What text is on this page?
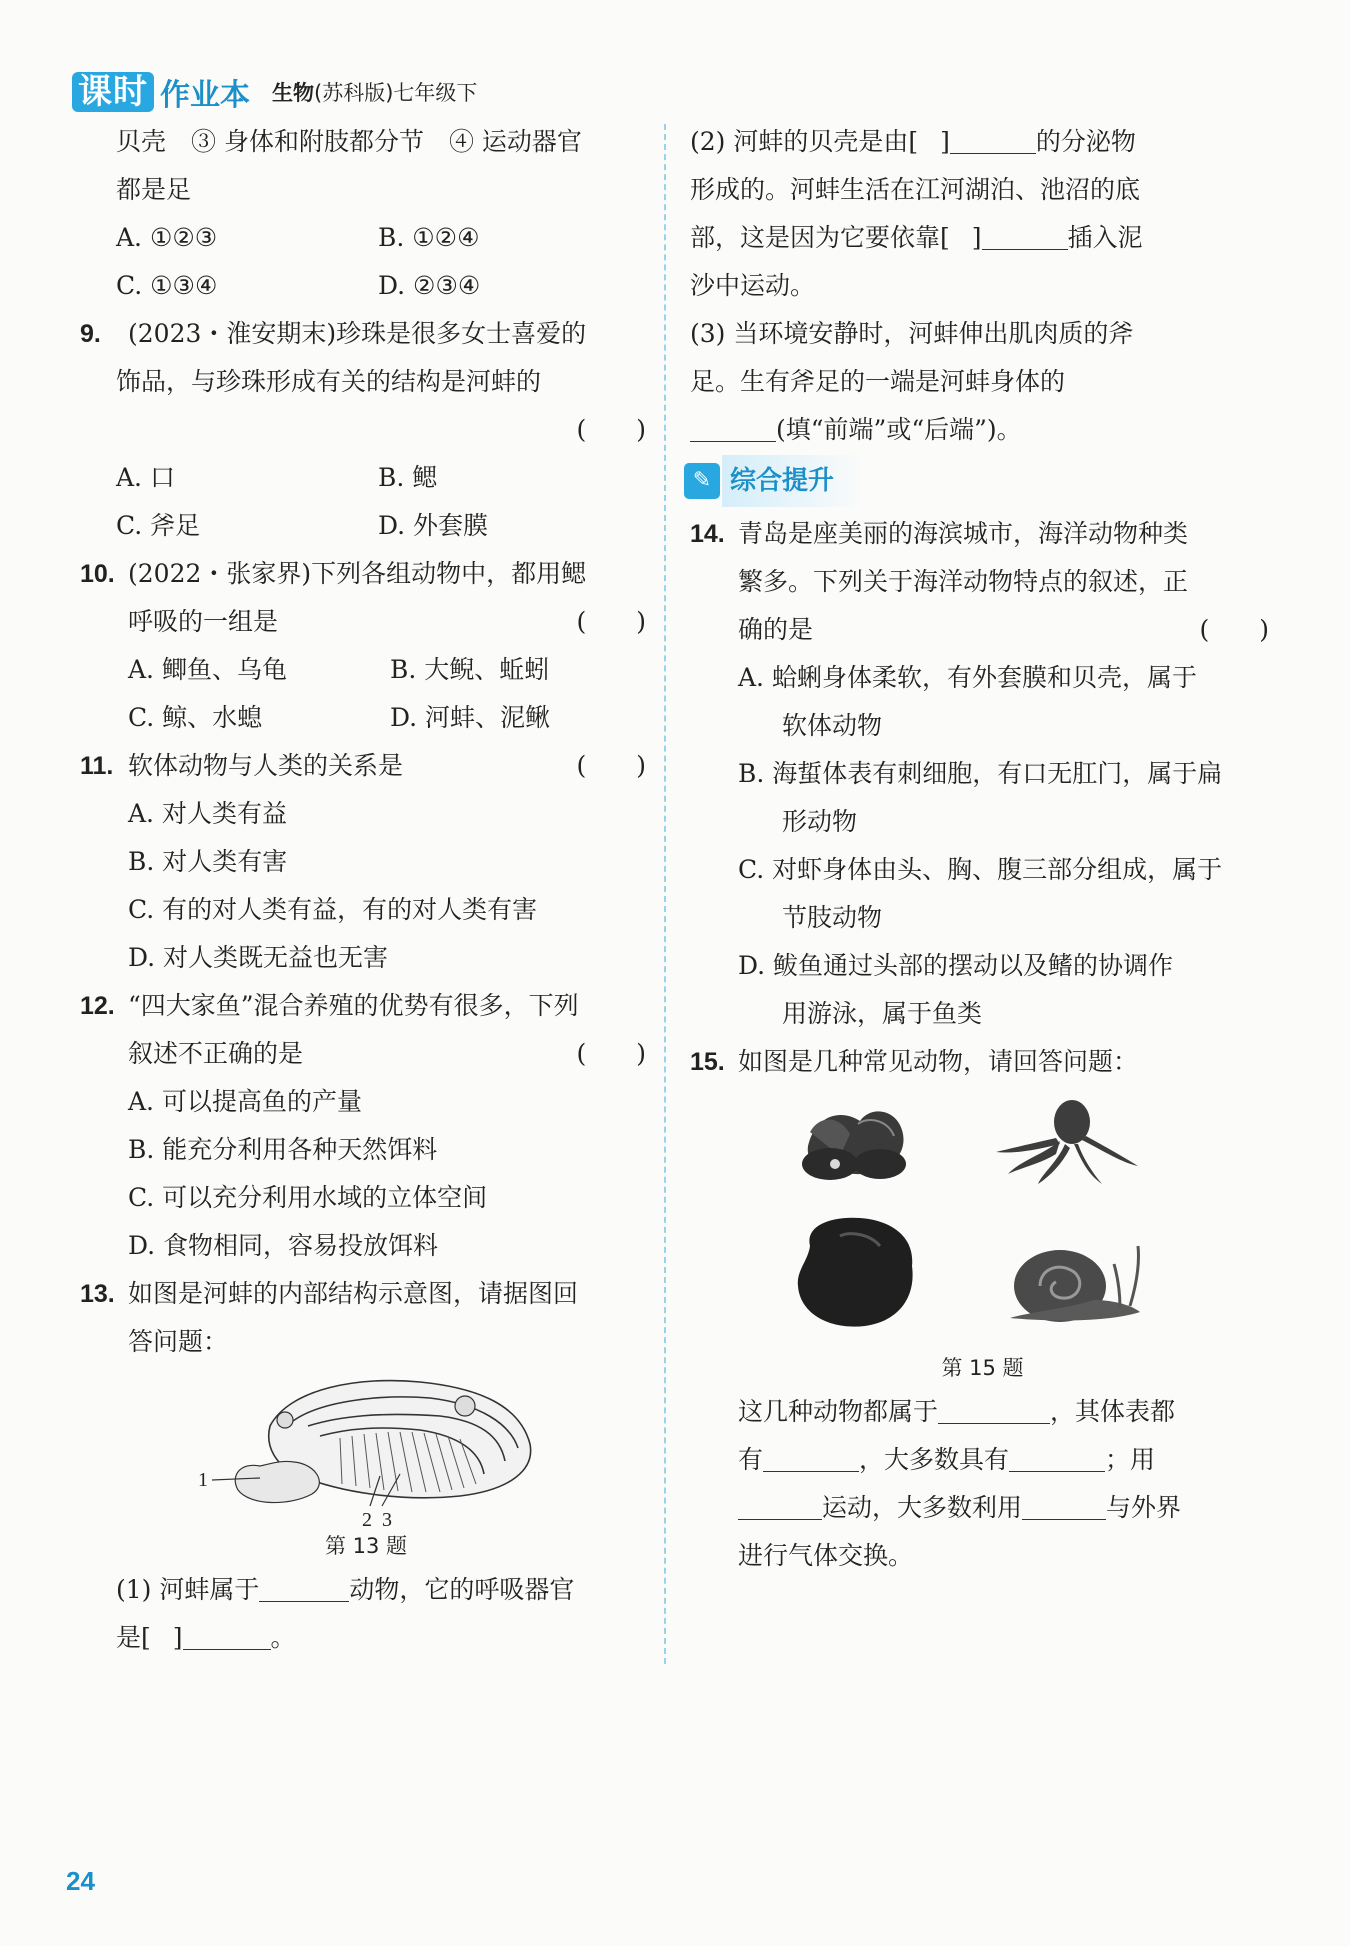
课时 作业本 生物(苏科版)七年级下
贝壳　③ 身体和附肢都分节　④ 运动器官
都是足
A. ①②③	B. ①②④
C. ①③④	D. ②③④
9. (2023・淮安期末)珍珠是很多女士喜爱的
饰品，与珍珠形成有关的结构是河蚌的
(　　)
A. 口	B. 鳃
C. 斧足	D. 外套膜
10. (2022・张家界)下列各组动物中，都用鳃
呼吸的一组是	(　　)
A. 鲫鱼、乌龟	B. 大鲵、蚯蚓
C. 鲸、水螅	D. 河蚌、泥鳅
11. 软体动物与人类的关系是	(　　)
A. 对人类有益
B. 对人类有害
C. 有的对人类有益，有的对人类有害
D. 对人类既无益也无害
12. “四大家鱼”混合养殖的优势有很多，下列
叙述不正确的是	(　　)
A. 可以提高鱼的产量
B. 能充分利用各种天然饵料
C. 可以充分利用水域的立体空间
D. 食物相同，容易投放饵料
13. 如图是河蚌的内部结构示意图，请据图回
答问题：
1
2 3
第 13 题
(1) 河蚌属于	动物，它的呼吸器官
是[ ]	。
(2) 河蚌的贝壳是由[ ]	的分泌物
形成的。河蚌生活在江河湖泊、池沼的底
部，这是因为它要依靠[ ]	插入泥
沙中运动。
(3) 当环境安静时，河蚌伸出肌肉质的斧
足。生有斧足的一端是河蚌身体的
(填“前端”或“后端”)。
✎ 综合提升
14. 青岛是座美丽的海滨城市，海洋动物种类
繁多。下列关于海洋动物特点的叙述，正
确的是	(　　)
A. 蛤蜊身体柔软，有外套膜和贝壳，属于
软体动物
B. 海蜇体表有刺细胞，有口无肛门，属于扁
形动物
C. 对虾身体由头、胸、腹三部分组成，属于
节肢动物
D. 鲅鱼通过头部的摆动以及鳍的协调作
用游泳，属于鱼类
15. 如图是几种常见动物，请回答问题：
第 15 题
这几种动物都属于	，其体表都
有	，大多数具有	；用
运动，大多数利用	与外界
进行气体交换。
24
